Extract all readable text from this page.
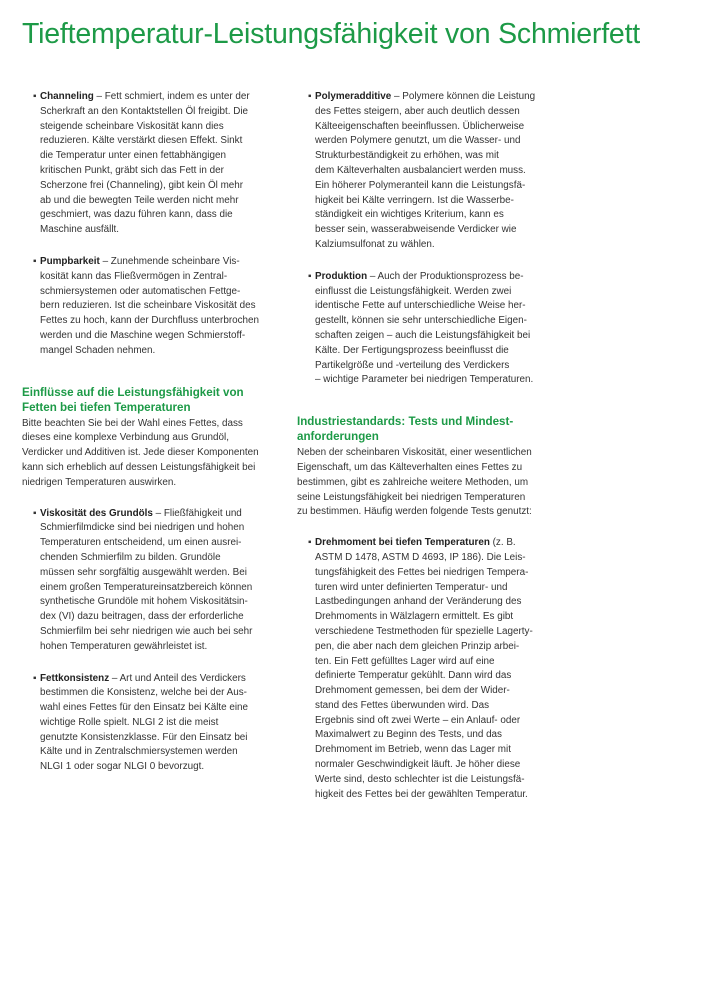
Tieftemperatur-Leistungsfähigkeit von Schmierfett
▪ Channeling – Fett schmiert, indem es unter der
Scherkraft an den Kontaktstellen Öl freigibt. Die
steigende scheinbare Viskosität kann dies
reduzieren. Kälte verstärkt diesen Effekt. Sinkt
die Temperatur unter einen fettabhängigen
kritischen Punkt, gräbt sich das Fett in der
Scherzone frei (Channeling), gibt kein Öl mehr
ab und die bewegten Teile werden nicht mehr
geschmiert, was dazu führen kann, dass die
Maschine ausfällt.
▪ Pumpbarkeit – Zunehmende scheinbare Vis-
kosität kann das Fließvermögen in Zentral-
schmiersystemen oder automatischen Fettge-
bern reduzieren. Ist die scheinbare Viskosität des
Fettes zu hoch, kann der Durchfluss unterbrochen
werden und die Maschine wegen Schmierstoff-
mangel Schaden nehmen.
Einflüsse auf die Leistungsfähigkeit von
Fetten bei tiefen Temperaturen
Bitte beachten Sie bei der Wahl eines Fettes, dass
dieses eine komplexe Verbindung aus Grundöl,
Verdicker und Additiven ist. Jede dieser Komponenten
kann sich erheblich auf dessen Leistungsfähigkeit bei
niedrigen Temperaturen auswirken.
▪ Viskosität des Grundöls – Fließfähigkeit und
Schmierfilmdicke sind bei niedrigen und hohen
Temperaturen entscheidend, um einen ausrei-
chenden Schmierfilm zu bilden. Grundöle
müssen sehr sorgfältig ausgewählt werden. Bei
einem großen Temperatureinsatzbereich können
synthetische Grundöle mit hohem Viskositätsin-
dex (VI) dazu beitragen, dass der erforderliche
Schmierfilm bei sehr niedrigen wie auch bei sehr
hohen Temperaturen gewährleistet ist.
▪ Fettkonsistenz – Art und Anteil des Verdickers
bestimmen die Konsistenz, welche bei der Aus-
wahl eines Fettes für den Einsatz bei Kälte eine
wichtige Rolle spielt. NLGI 2 ist die meist
genutzte Konsistenzklasse. Für den Einsatz bei
Kälte und in Zentralschmiersystemen werden
NLGI 1 oder sogar NLGI 0 bevorzugt.
▪ Polymeradditive – Polymere können die Leistung
des Fettes steigern, aber auch deutlich dessen
Kälteeigenschaften beeinflussen. Üblicherweise
werden Polymere genutzt, um die Wasser- und
Strukturbeständigkeit zu erhöhen, was mit
dem Kälteverhalten ausbalanciert werden muss.
Ein höherer Polymeranteil kann die Leistungsfä-
higkeit bei Kälte verringern. Ist die Wasserbe-
ständigkeit ein wichtiges Kriterium, kann es
besser sein, wasserabweisende Verdicker wie
Kalziumsulfonat zu wählen.
▪ Produktion – Auch der Produktionsprozess be-
einflusst die Leistungsfähigkeit. Werden zwei
identische Fette auf unterschiedliche Weise her-
gestellt, können sie sehr unterschiedliche Eigen-
schaften zeigen – auch die Leistungsfähigkeit bei
Kälte. Der Fertigungsprozess beeinflusst die
Partikelgröße und -verteilung des Verdickers
– wichtige Parameter bei niedrigen Temperaturen.
Industriestandards: Tests und Mindest-
anforderungen
Neben der scheinbaren Viskosität, einer wesentlichen
Eigenschaft, um das Kälteverhalten eines Fettes zu
bestimmen, gibt es zahlreiche weitere Methoden, um
seine Leistungsfähigkeit bei niedrigen Temperaturen
zu bestimmen. Häufig werden folgende Tests genutzt:
▪ Drehmoment bei tiefen Temperaturen (z. B.
ASTM D 1478, ASTM D 4693, IP 186). Die Leis-
tungsfähigkeit des Fettes bei niedrigen Tempera-
turen wird unter definierten Temperatur- und
Lastbedingungen anhand der Veränderung des
Drehmoments in Wälzlagern ermittelt. Es gibt
verschiedene Testmethoden für spezielle Lagerty-
pen, die aber nach dem gleichen Prinzip arbei-
ten. Ein Fett gefülltes Lager wird auf eine
definierte Temperatur gekühlt. Dann wird das
Drehmoment gemessen, bei dem der Wider-
stand des Fettes überwunden wird. Das
Ergebnis sind oft zwei Werte – ein Anlauf- oder
Maximalwert zu Beginn des Tests, und das
Drehmoment im Betrieb, wenn das Lager mit
normaler Geschwindigkeit läuft. Je höher diese
Werte sind, desto schlechter ist die Leistungsfä-
higkeit des Fettes bei der gewählten Temperatur.
